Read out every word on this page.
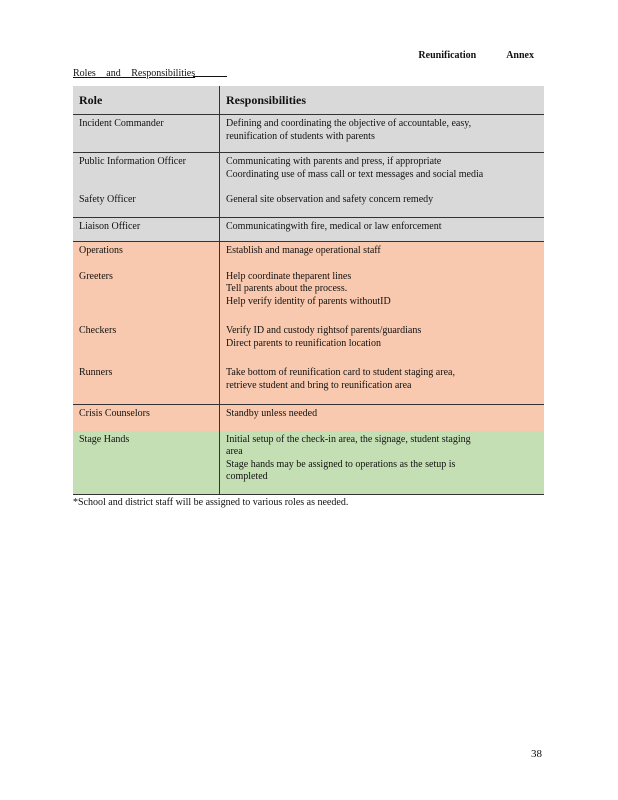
Reunification	Annex
Roles and Responsibilities
Role	Responsibilities
Incident Commander	Defining and coordinating the objective of accountable, easy,
reunification of students with parents

Public Information Officer	Communicating with parents and press, if appropriate
Coordinating use of mass call or text messages and social media

Safety Officer	General site observation and safety concern remedy

Liaison Officer	Communicatingwith fire, medical or law enforcement

Operations	Establish and manage operational staff

Greeters	Help coordinate theparent lines
Tell parents about the process.
Help verify identity of parents withoutID

Checkers	Verify ID and custody rightsof parents/guardians
Direct parents to reunification location

Runners	Take bottom of reunification card to student staging area,
retrieve student and bring to reunification area

Crisis Counselors	Standby unless needed

Stage Hands	Initial setup of the check-in area, the signage, student staging
area
Stage hands may be assigned to operations as the setup is
completed
*School and district staff will be assigned to various roles as needed.
38
